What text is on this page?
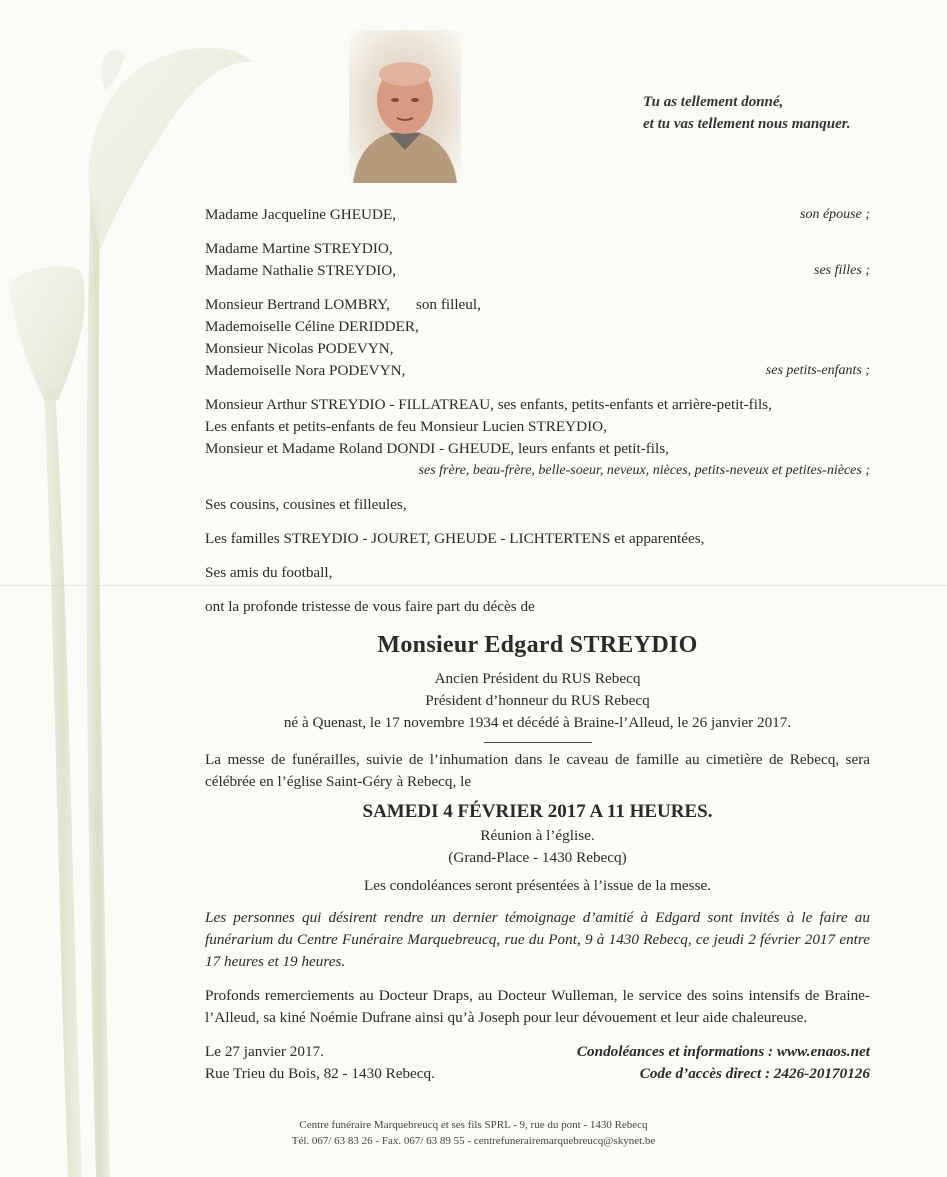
Tu as tellement donné,
et tu vas tellement nous manquer.
Madame Jacqueline GHEUDE,	son épouse ;
Madame Martine STREYDIO,
Madame Nathalie STREYDIO,	ses filles ;
Monsieur Bertrand LOMBRY, son filleul,
Mademoiselle Céline DERIDDER,
Monsieur Nicolas PODEVYN,
Mademoiselle Nora PODEVYN,	ses petits-enfants ;
Monsieur Arthur STREYDIO - FILLATREAU, ses enfants, petits-enfants et arrière-petit-fils,
Les enfants et petits-enfants de feu Monsieur Lucien STREYDIO,
Monsieur et Madame Roland DONDI - GHEUDE, leurs enfants et petit-fils,
ses frère, beau-frère, belle-soeur, neveux, nièces, petits-neveux et petites-nièces ;
Ses cousins, cousines et filleules,
Les familles STREYDIO - JOURET, GHEUDE - LICHTERTENS et apparentées,
Ses amis du football,
ont la profonde tristesse de vous faire part du décès de
Monsieur Edgard STREYDIO
Ancien Président du RUS Rebecq
Président d’honneur du RUS Rebecq
né à Quenast, le 17 novembre 1934 et décédé à Braine-l’Alleud, le 26 janvier 2017.
La messe de funérailles, suivie de l’inhumation dans le caveau de famille au cimetière de Rebecq, sera célébrée en l’église Saint-Géry à Rebecq, le
SAMEDI 4 FÉVRIER 2017 A 11 HEURES.
Réunion à l’église.
(Grand-Place - 1430 Rebecq)
Les condoléances seront présentées à l’issue de la messe.
Les personnes qui désirent rendre un dernier témoignage d’amitié à Edgard sont invités à le faire au funérarium du Centre Funéraire Marquebreucq, rue du Pont, 9 à 1430 Rebecq, ce jeudi 2 février 2017 entre 17 heures et 19 heures.
Profonds remerciements au Docteur Draps, au Docteur Wulleman, le service des soins intensifs de Braine-l’Alleud, sa kiné Noémie Dufrane ainsi qu’à Joseph pour leur dévouement et leur aide chaleureuse.
Le 27 janvier 2017.	Condoléances et informations : www.enaos.net
Rue Trieu du Bois, 82 - 1430 Rebecq.	Code d’accès direct : 2426-20170126
Centre funéraire Marquebreucq et ses fils SPRL - 9, rue du pont - 1430 Rebecq
Tél. 067/ 63 83 26 - Fax. 067/ 63 89 55 - centrefunerairemarquebreucq@skynet.be
